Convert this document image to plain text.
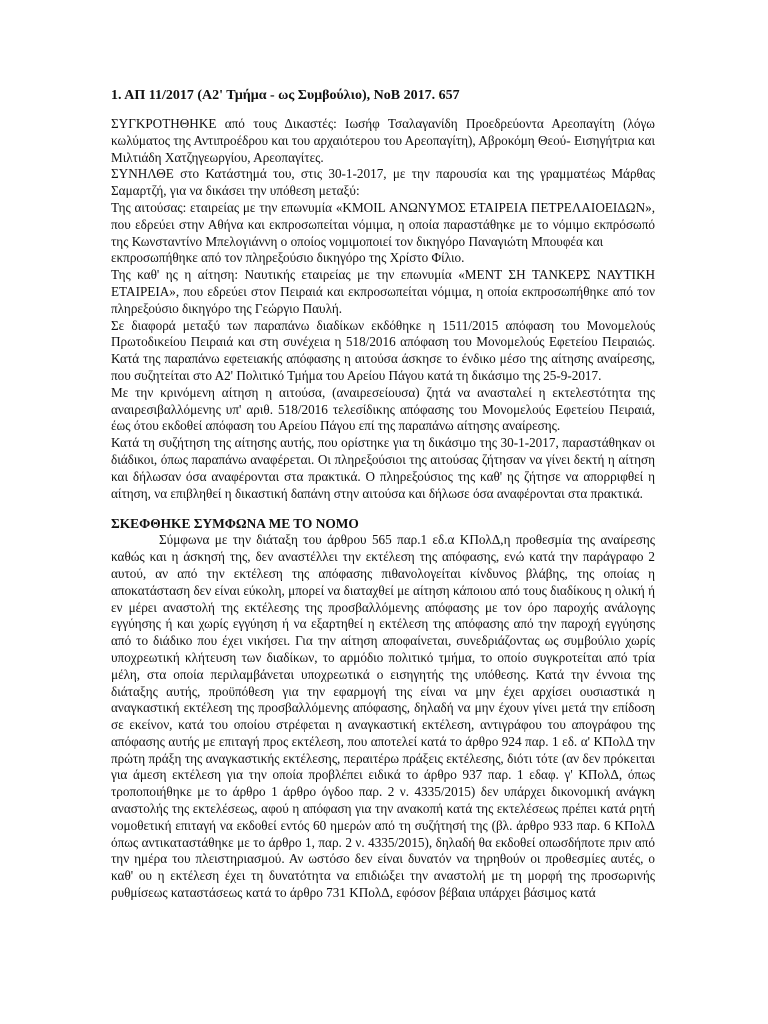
1. ΑΠ 11/2017 (Α2' Τμήμα - ως Συμβούλιο), ΝοΒ 2017. 657

ΣΥΓΚΡΟΤΗΘΗΚΕ από τους Δικαστές: Ιωσήφ Τσαλαγανίδη Προεδρεύοντα Αρεοπαγίτη (λόγω κωλύματος της Αντιπροέδρου και του αρχαιότερου του Αρεοπαγίτη), Αβροκόμη Θεού- Εισηγήτρια και Μιλτιάδη Χατζηγεωργίου, Αρεοπαγίτες.

ΣΥΝΗΛΘΕ στο Κατάστημά του, στις 30-1-2017, με την παρουσία και της γραμματέως Μάρθας Σαμαρτζή, για να δικάσει την υπόθεση μεταξύ:

Της αιτούσας: εταιρείας με την επωνυμία «ΚΜΟΙL ΑΝΩΝΥΜΟΣ ΕΤΑΙΡΕΙΑ ΠΕΤΡΕΛΑΙΟΕΙΔΩΝ», που εδρεύει στην Αθήνα και εκπροσωπείται νόμιμα, η οποία παραστάθηκε με το νόμιμο εκπρόσωπό της Κωνσταντίνο Μπελογιάννη ο οποίος νομιμοποιεί τον δικηγόρο Παναγιώτη Μπουφέα και

εκπροσωπήθηκε από τον πληρεξούσιο δικηγόρο της Χρίστο Φίλιο.

Της καθ' ης η αίτηση: Ναυτικής εταιρείας με την επωνυμία «ΜΕΝΤ ΣΗ ΤΑΝΚΕΡΣ ΝΑΥΤΙΚΗ ΕΤΑΙΡΕΙΑ», που εδρεύει στον Πειραιά και εκπροσωπείται νόμιμα, η οποία εκπροσωπήθηκε από τον πληρεξούσιο δικηγόρο της Γεώργιο Παυλή.

Σε διαφορά μεταξύ των παραπάνω διαδίκων εκδόθηκε η 1511/2015 απόφαση του Μονομελούς Πρωτοδικείου Πειραιά και στη συνέχεια η 518/2016 απόφαση του Μονομελούς Εφετείου Πειραιώς. Κατά της παραπάνω εφετειακής απόφασης η αιτούσα άσκησε το ένδικο μέσο της αίτησης αναίρεσης, που συζητείται στο Α2' Πολιτικό Τμήμα του Αρείου Πάγου κατά τη δικάσιμο της 25-9-2017.

Με την κρινόμενη αίτηση η αιτούσα, (αναιρεσείουσα) ζητά να ανασταλεί η εκτελεστότητα της αναιρεσιβαλλόμενης υπ' αριθ. 518/2016 τελεσίδικης απόφασης του Μονομελούς Εφετείου Πειραιά, έως ότου εκδοθεί απόφαση του Αρείου Πάγου επί της παραπάνω αίτησης αναίρεσης.

Κατά τη συζήτηση της αίτησης αυτής, που ορίστηκε για τη δικάσιμο της 30-1-2017, παραστάθηκαν οι διάδικοι, όπως παραπάνω αναφέρεται. Οι πληρεξούσιοι της αιτούσας ζήτησαν να γίνει δεκτή η αίτηση και δήλωσαν όσα αναφέρονται στα πρακτικά. Ο πληρεξούσιος της καθ' ης ζήτησε να απορριφθεί η αίτηση, να επιβληθεί η δικαστική δαπάνη στην αιτούσα και δήλωσε όσα αναφέρονται στα πρακτικά.

ΣΚΕΦΘΗΚΕ ΣΥΜΦΩΝΑ ΜΕ ΤΟ ΝΟΜΟ

Σύμφωνα με την διάταξη του άρθρου 565 παρ.1 εδ.α ΚΠολΔ,η προθεσμία της αναίρεσης καθώς και η άσκησή της, δεν αναστέλλει την εκτέλεση της απόφασης, ενώ κατά την παράγραφο 2 αυτού, αν από την εκτέλεση της απόφασης πιθανολογείται κίνδυνος βλάβης, της οποίας η αποκατάσταση δεν είναι εύκολη, μπορεί να διαταχθεί με αίτηση κάποιου από τους διαδίκους η ολική ή εν μέρει αναστολή της εκτέλεσης της προσβαλλόμενης απόφασης με τον όρο παροχής ανάλογης εγγύησης ή και χωρίς εγγύηση ή να εξαρτηθεί η εκτέλεση της απόφασης από την παροχή εγγύησης από το διάδικο που έχει νικήσει. Για την αίτηση αποφαίνεται, συνεδριάζοντας ως συμβούλιο χωρίς υποχρεωτική κλήτευση των διαδίκων, το αρμόδιο πολιτικό τμήμα, το οποίο συγκροτείται από τρία μέλη, στα οποία περιλαμβάνεται υποχρεωτικά ο εισηγητής της υπόθεσης. Κατά την έννοια της διάταξης αυτής, προϋπόθεση για την εφαρμογή της είναι να μην έχει αρχίσει ουσιαστικά η αναγκαστική εκτέλεση της προσβαλλόμενης απόφασης, δηλαδή να μην έχουν γίνει μετά την επίδοση σε εκείνον, κατά του οποίου στρέφεται η αναγκαστική εκτέλεση, αντιγράφου του απογράφου της απόφασης αυτής με επιταγή προς εκτέλεση, που αποτελεί κατά το άρθρο 924 παρ. 1 εδ. α' ΚΠολΔ την πρώτη πράξη της αναγκαστικής εκτέλεσης, περαιτέρω πράξεις εκτέλεσης, διότι τότε (αν δεν πρόκειται για άμεση εκτέλεση για την οποία προβλέπει ειδικά το άρθρο 937 παρ. 1 εδαφ. γ' ΚΠολΔ, όπως τροποποιήθηκε με το άρθρο 1 άρθρο όγδοο παρ. 2 ν. 4335/2015) δεν υπάρχει δικονομική ανάγκη αναστολής της εκτελέσεως, αφού η απόφαση για την ανακοπή κατά της εκτελέσεως πρέπει κατά ρητή νομοθετική επιταγή να εκδοθεί εντός 60 ημερών από τη συζήτησή της (βλ. άρθρο 933 παρ. 6 ΚΠολΔ όπως αντικαταστάθηκε με το άρθρο 1, παρ. 2 ν. 4335/2015), δηλαδή θα εκδοθεί οπωσδήποτε πριν από την ημέρα του πλειστηριασμού. Αν ωστόσο δεν είναι δυνατόν να τηρηθούν οι προθεσμίες αυτές, ο καθ' ου η εκτέλεση έχει τη δυνατότητα να επιδιώξει την αναστολή με τη μορφή της προσωρινής ρυθμίσεως καταστάσεως κατά το άρθρο 731 ΚΠολΔ, εφόσον βέβαια υπάρχει βάσιμος κατά
